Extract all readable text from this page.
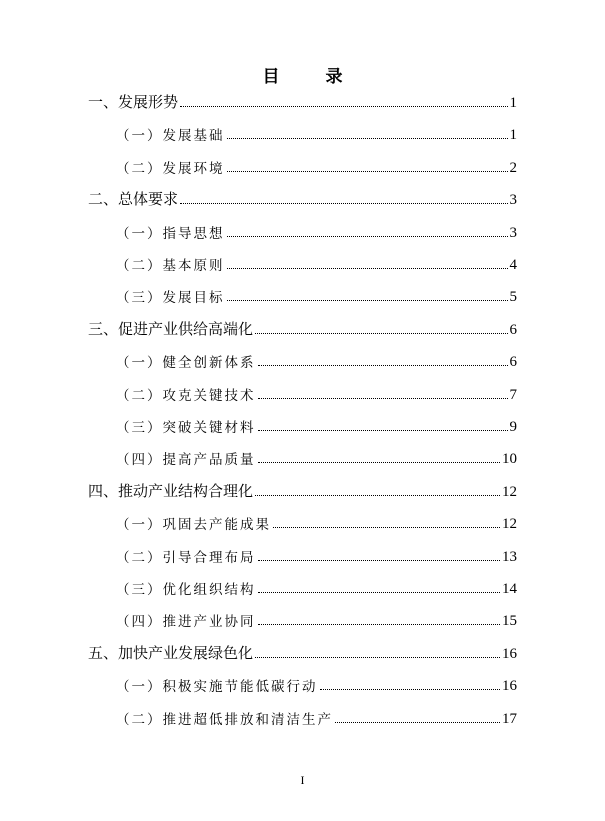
目 录
一、发展形势	1
（一）发展基础	1
（二）发展环境	2
二、总体要求	3
（一）指导思想	3
（二）基本原则	4
（三）发展目标	5
三、促进产业供给高端化	6
（一）健全创新体系	6
（二）攻克关键技术	7
（三）突破关键材料	9
（四）提高产品质量	10
四、推动产业结构合理化	12
（一）巩固去产能成果	12
（二）引导合理布局	13
（三）优化组织结构	14
（四）推进产业协同	15
五、加快产业发展绿色化	16
（一）积极实施节能低碳行动	16
（二）推进超低排放和清洁生产	17
I
